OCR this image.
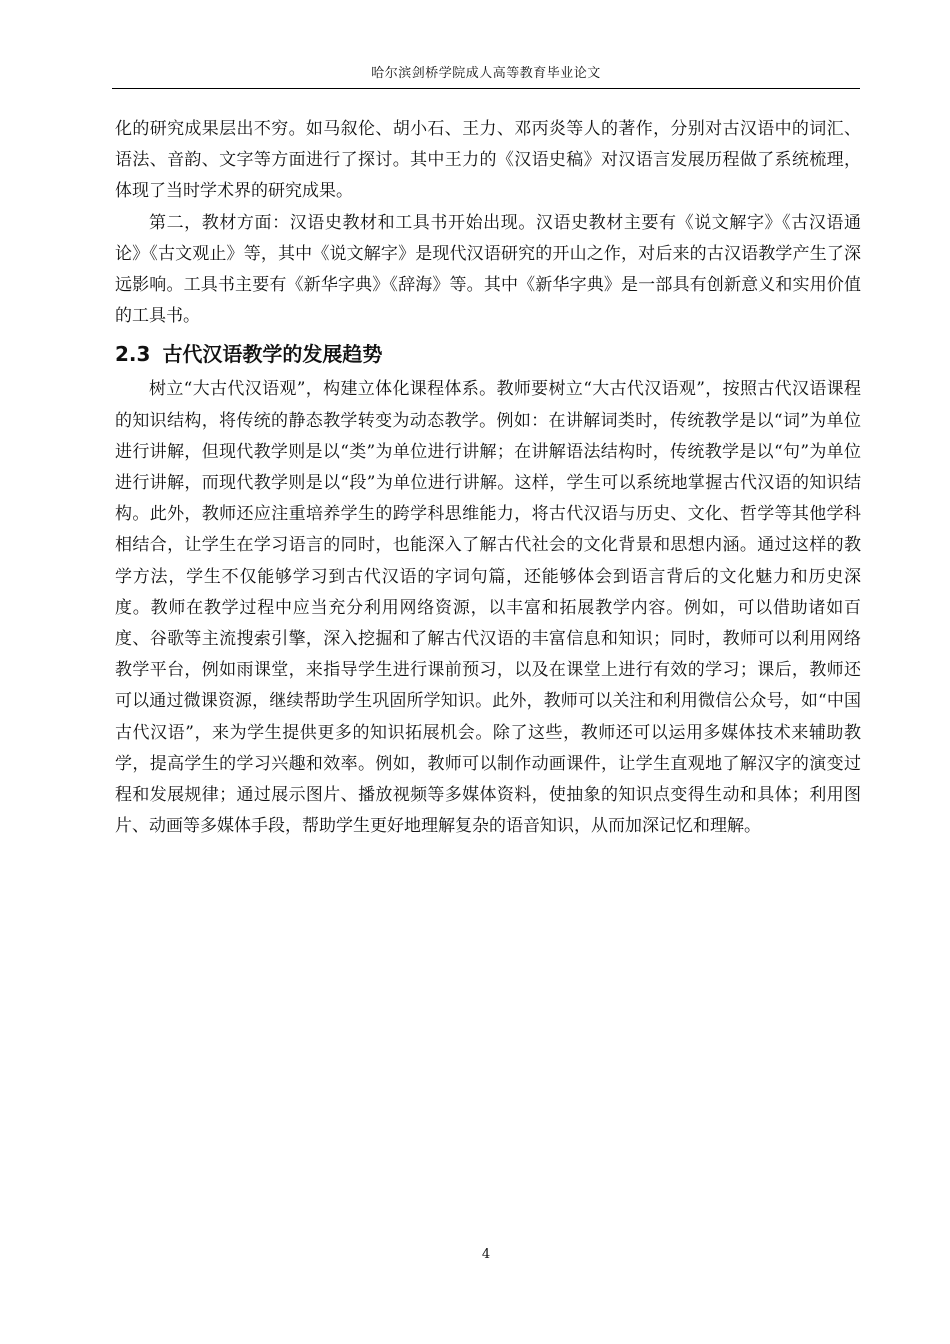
哈尔滨剑桥学院成人高等教育毕业论文

化的研究成果层出不穷。如马叙伦、胡小石、王力、邓丙炎等人的著作，分别对古汉语中的词汇、语法、音韵、文字等方面进行了探讨。其中王力的《汉语史稿》对汉语言发展历程做了系统梳理，体现了当时学术界的研究成果。

第二，教材方面：汉语史教材和工具书开始出现。汉语史教材主要有《说文解字》《古汉语通论》《古文观止》等，其中《说文解字》是现代汉语研究的开山之作，对后来的古汉语教学产生了深远影响。工具书主要有《新华字典》《辞海》等。其中《新华字典》是一部具有创新意义和实用价值的工具书。

2.3 古代汉语教学的发展趋势

树立“大古代汉语观”，构建立体化课程体系。教师要树立“大古代汉语观”，按照古代汉语课程的知识结构，将传统的静态教学转变为动态教学。例如：在讲解词类时，传统教学是以“词”为单位进行讲解，但现代教学则是以“类”为单位进行讲解；在讲解语法结构时，传统教学是以“句”为单位进行讲解，而现代教学则是以“段”为单位进行讲解。这样，学生可以系统地掌握古代汉语的知识结构。此外，教师还应注重培养学生的跨学科思维能力，将古代汉语与历史、文化、哲学等其他学科相结合，让学生在学习语言的同时，也能深入了解古代社会的文化背景和思想内涵。通过这样的教学方法，学生不仅能够学习到古代汉语的字词句篇，还能够体会到语言背后的文化魅力和历史深度。教师在教学过程中应当充分利用网络资源，以丰富和拓展教学内容。例如，可以借助诸如百度、谷歌等主流搜索引擎，深入挖掘和了解古代汉语的丰富信息和知识；同时，教师可以利用网络教学平台，例如雨课堂，来指导学生进行课前预习，以及在课堂上进行有效的学习；课后，教师还可以通过微课资源，继续帮助学生巩固所学知识。此外，教师可以关注和利用微信公众号，如“中国古代汉语”，来为学生提供更多的知识拓展机会。除了这些，教师还可以运用多媒体技术来辅助教学，提高学生的学习兴趣和效率。例如，教师可以制作动画课件，让学生直观地了解汉字的演变过程和发展规律；通过展示图片、播放视频等多媒体资料，使抽象的知识点变得生动和具体；利用图片、动画等多媒体手段，帮助学生更好地理解复杂的语音知识，从而加深记忆和理解。

4
